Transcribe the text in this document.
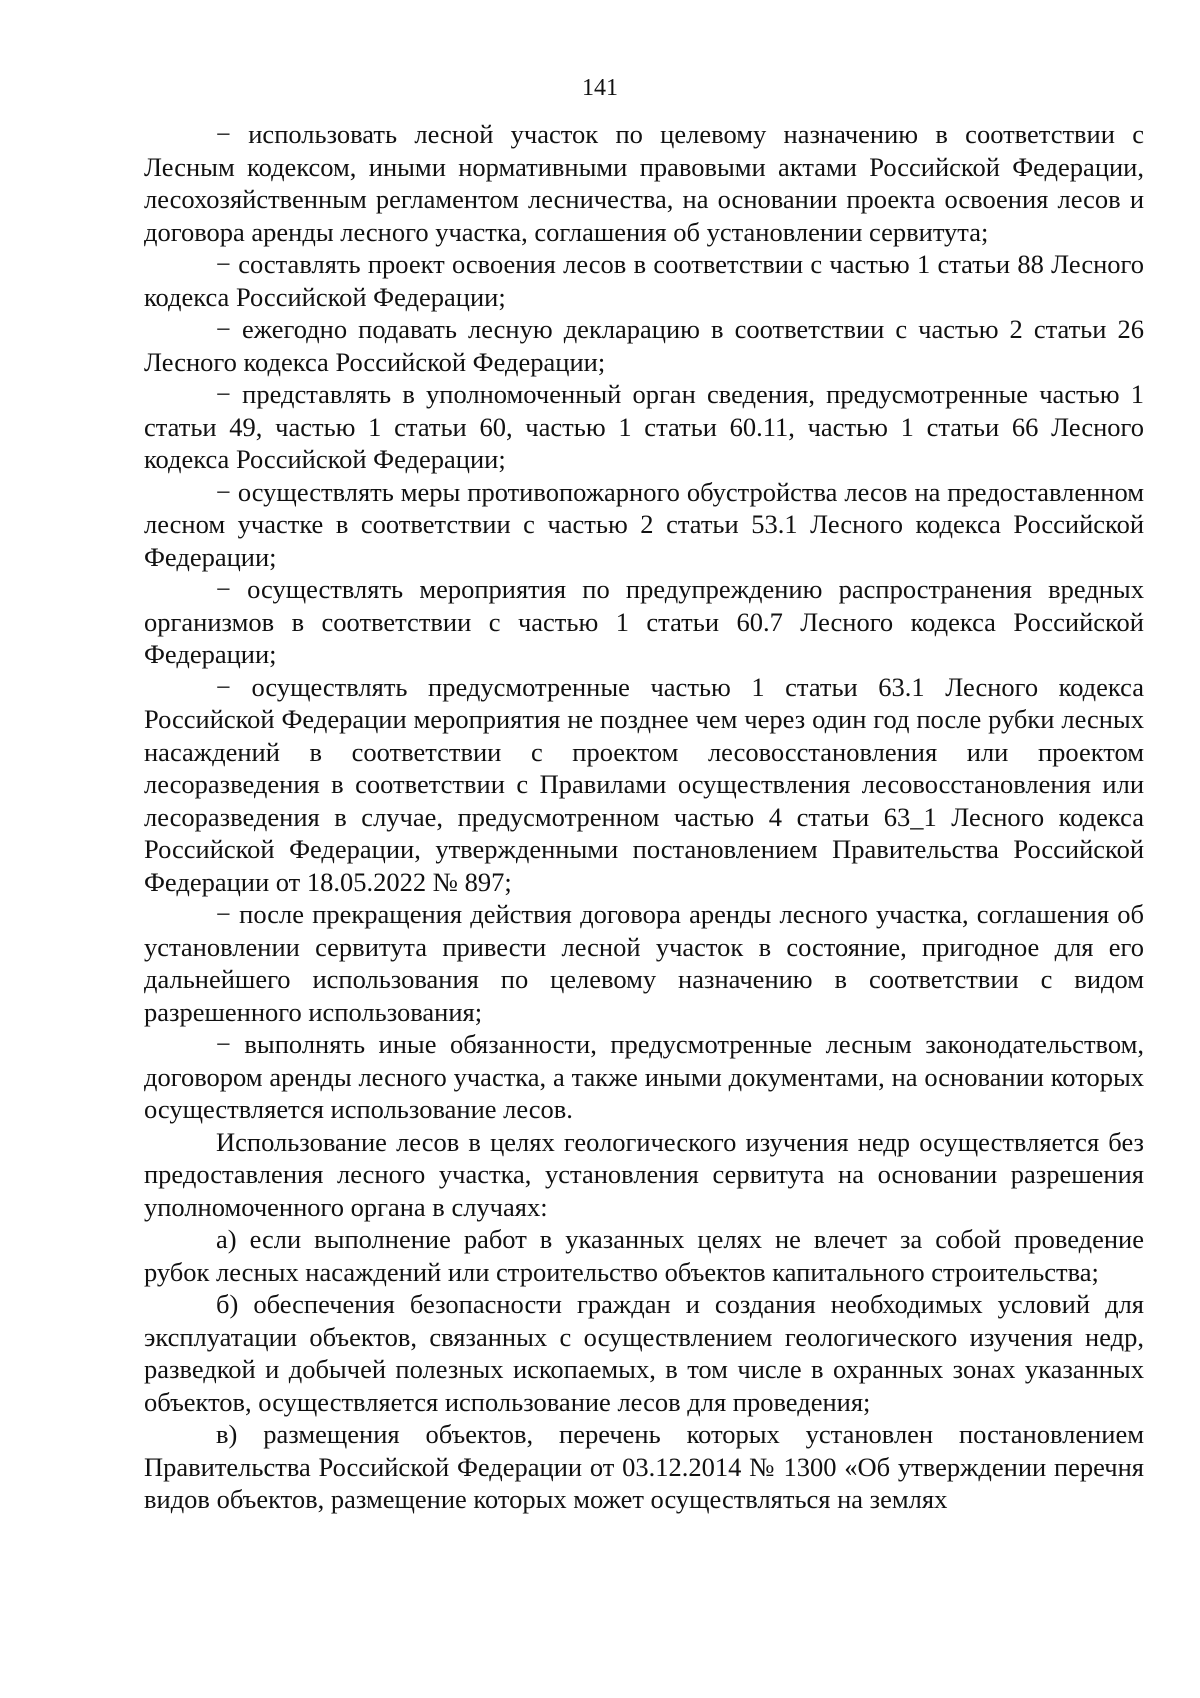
141

− использовать лесной участок по целевому назначению в соответствии с Лесным кодексом, иными нормативными правовыми актами Российской Федерации, лесохозяйственным регламентом лесничества, на основании проекта освоения лесов и договора аренды лесного участка, соглашения об установлении сервитута;

− составлять проект освоения лесов в соответствии с частью 1 статьи 88 Лесного кодекса Российской Федерации;

− ежегодно подавать лесную декларацию в соответствии с частью 2 статьи 26 Лесного кодекса Российской Федерации;

− представлять в уполномоченный орган сведения, предусмотренные частью 1 статьи 49, частью 1 статьи 60, частью 1 статьи 60.11, частью 1 статьи 66 Лесного кодекса Российской Федерации;

− осуществлять меры противопожарного обустройства лесов на предоставленном лесном участке в соответствии с частью 2 статьи 53.1 Лесного кодекса Российской Федерации;

− осуществлять мероприятия по предупреждению распространения вредных организмов в соответствии с частью 1 статьи 60.7 Лесного кодекса Российской Федерации;

− осуществлять предусмотренные частью 1 статьи 63.1 Лесного кодекса Российской Федерации мероприятия не позднее чем через один год после рубки лесных насаждений в соответствии с проектом лесовосстановления или проектом лесоразведения в соответствии с Правилами осуществления лесовосстановления или лесоразведения в случае, предусмотренном частью 4 статьи 63_1 Лесного кодекса Российской Федерации, утвержденными постановлением Правительства Российской Федерации от 18.05.2022 № 897;

− после прекращения действия договора аренды лесного участка, соглашения об установлении сервитута привести лесной участок в состояние, пригодное для его дальнейшего использования по целевому назначению в соответствии с видом разрешенного использования;

− выполнять иные обязанности, предусмотренные лесным законодательством, договором аренды лесного участка, а также иными документами, на основании которых осуществляется использование лесов.

Использование лесов в целях геологического изучения недр осуществляется без предоставления лесного участка, установления сервитута на основании разрешения уполномоченного органа в случаях:

а) если выполнение работ в указанных целях не влечет за собой проведение рубок лесных насаждений или строительство объектов капитального строительства;

б) обеспечения безопасности граждан и создания необходимых условий для эксплуатации объектов, связанных с осуществлением геологического изучения недр, разведкой и добычей полезных ископаемых, в том числе в охранных зонах указанных объектов, осуществляется использование лесов для проведения;

в) размещения объектов, перечень которых установлен постановлением Правительства Российской Федерации от 03.12.2014 № 1300 «Об утверждении перечня видов объектов, размещение которых может осуществляться на землях
